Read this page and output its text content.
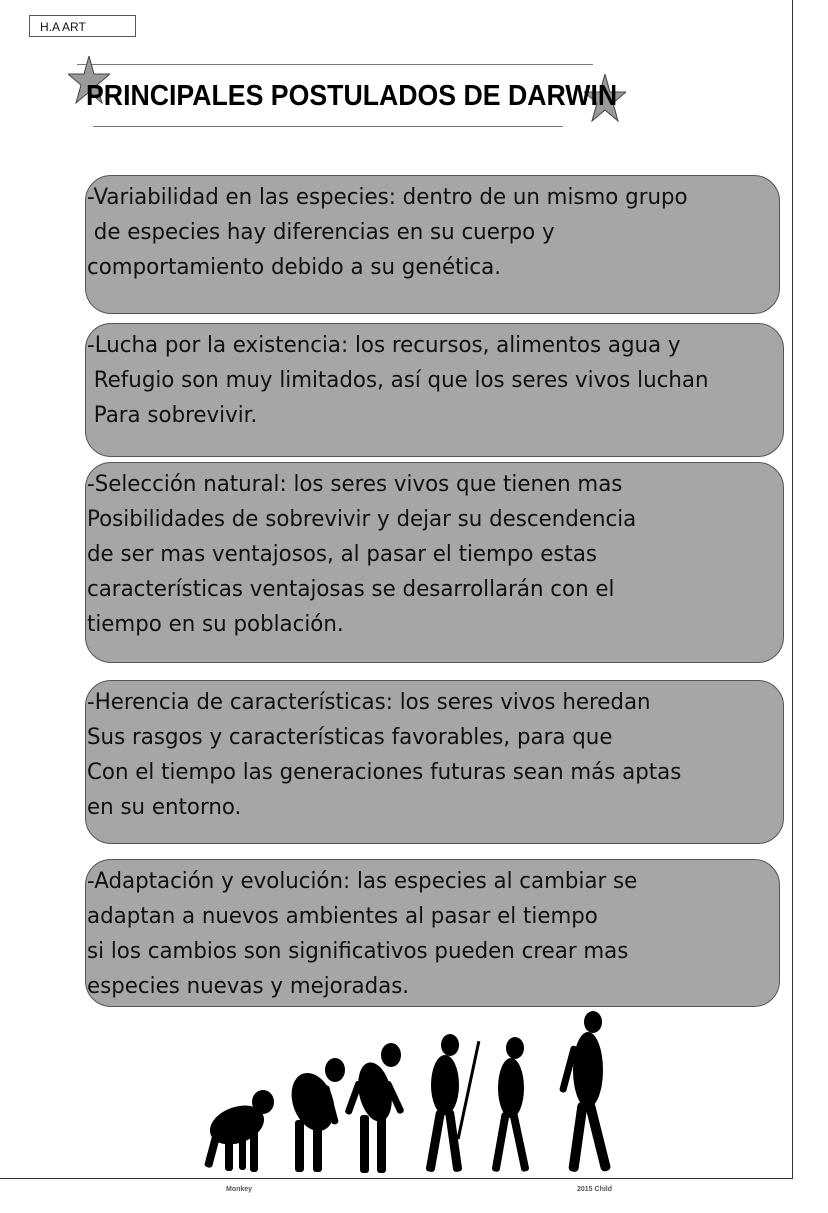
H.A ART
PRINCIPALES POSTULADOS DE DARWIN
-Variabilidad en las especies: dentro de un mismo grupo
de especies hay diferencias en su cuerpo y
comportamiento debido a su genética.
-Lucha por la existencia: los recursos, alimentos agua y
Refugio son muy limitados, así que los seres vivos luchan
Para sobrevivir.
-Selección natural: los seres vivos que tienen mas
Posibilidades de sobrevivir y dejar su descendencia
de ser mas ventajosos, al pasar el tiempo estas
características ventajosas se desarrollarán con el
tiempo en su población.
-Herencia de características: los seres vivos heredan
Sus rasgos y características favorables, para que
Con el tiempo las generaciones futuras sean más aptas
en su entorno.
-Adaptación y evolución: las especies al cambiar se
adaptan a nuevos ambientes al pasar el tiempo
si los cambios son significativos pueden crear mas
especies nuevas y mejoradas.
Monkey	2015 Child
